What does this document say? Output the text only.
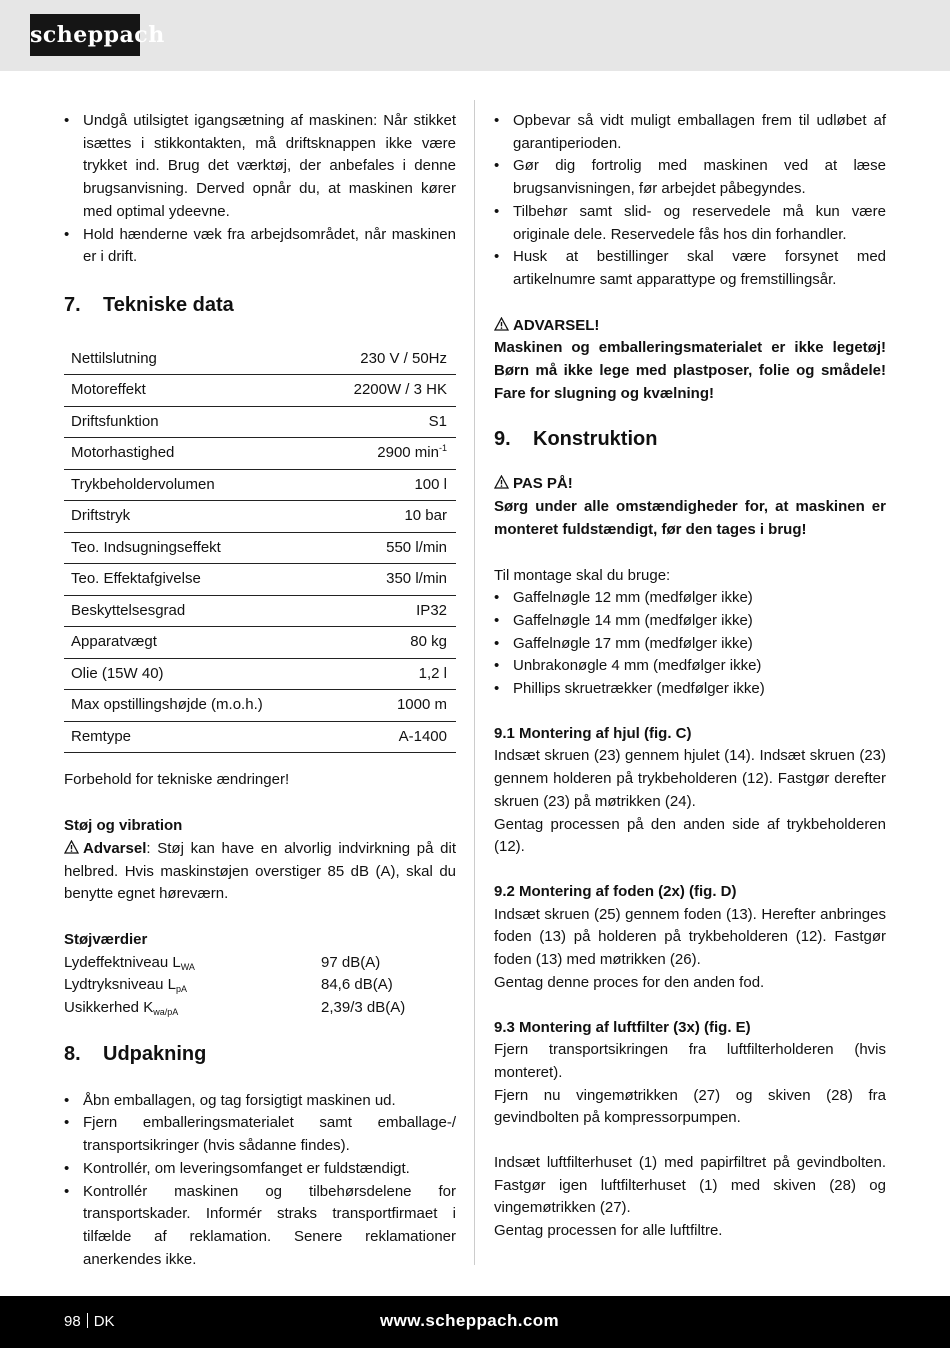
scheppach
• Undgå utilsigtet igangsætning af maskinen: Når stikket isættes i stikkontakten, må driftsknappen ikke være trykket ind. Brug det værktøj, der anbefales i denne brugsanvisning. Derved opnår du, at maskinen kører med optimal ydeevne.
• Hold hænderne væk fra arbejdsområdet, når maskinen er i drift.
7. Tekniske data
Nettilslutning	230 V / 50Hz
Motoreffekt	2200W / 3 HK
Driftsfunktion	S1
Motorhastighed	2900 $\min^{-1}$
Trykbeholdervolumen	100 l
Driftstryk	10 bar
Teo. Indsugningseffekt	550 l/min
Teo. Effektafgivelse	350 l/min
Beskyttelsesgrad	IP32
Apparatvægt	80 kg
Olie (15W 40)	1,2 l
Max opstillingshøjde (m.o.h.)	1000 m
Remtype	A-1400

Forbehold for tekniske ændringer!

Støj og vibration

Advarsel: Støj kan have en alvorlig indvirkning på dit helbred. Hvis maskinstøjen overstiger 85 dB (A), skal du benytte egnet høreværn.

Støjværdier

Lydeffektniveau $L_{WA}$	97 dB(A)
Lydtryksniveau $L_{pA}$	84,6 dB(A)
Usikkerhed $K_{wa/pA}$	2,39/3 dB(A)
8. Udpakning
• Åbn emballagen, og tag forsigtigt maskinen ud.
• Fjern emballeringsmaterialet samt emballage-/ transportsikringer (hvis sådanne findes).
• Kontrollér, om leveringsomfanget er fuldstændigt.
• Kontrollér maskinen og tilbehørsdelene for transportskader. Informér straks transportfirmaet i tilfælde af reklamation. Senere reklamationer anerkendes ikke.
• Opbevar så vidt muligt emballagen frem til udløbet af garantiperioden.
• Gør dig fortrolig med maskinen ved at læse brugsanvisningen, før arbejdet påbegyndes.
• Tilbehør samt slid- og reservedele må kun være originale dele. Reservedele fås hos din forhandler.
• Husk at bestillinger skal være forsynet med artikelnumre samt apparattype og fremstillingsår.

ADVARSEL!

Maskinen og emballeringsmaterialet er ikke legetøj! Børn må ikke lege med plastposer, folie og smådele! Fare for slugning og kvælning!

9. Konstruktion

PAS PÅ!

Sørg under alle omstændigheder for, at maskinen er monteret fuldstændigt, før den tages i brug!

Til montage skal du bruge:

• Gaffelnøgle 12 mm (medfølger ikke)
• Gaffelnøgle 14 mm (medfølger ikke)
• Gaffelnøgle 17 mm (medfølger ikke)
• Unbrakonøgle 4 mm (medfølger ikke)
• Phillips skruetrækker (medfølger ikke)

9.1 Montering af hjul (fig. C)

Indsæt skruen (23) gennem hjulet (14). Indsæt skruen (23) gennem holderen på trykbeholderen (12). Fastgør derefter skruen (23) på møtrikken (24).

Gentag processen på den anden side af trykbeholderen (12).

9.2 Montering af foden (2x) (fig. D)

Indsæt skruen (25) gennem foden (13). Herefter anbringes foden (13) på holderen på trykbeholderen (12). Fastgør foden (13) med møtrikken (26).

Gentag denne proces for den anden fod.

9.3 Montering af luftfilter (3x) (fig. E)

Fjern transportsikringen fra luftfilterholderen (hvis monteret).

Fjern nu vingemøtrikken (27) og skiven (28) fra gevindbolten på kompressorpumpen.

Indsæt luftfilterhuset (1) med papirfiltret på gevindbolten. Fastgør igen luftfilterhuset (1) med skiven (28) og vingemøtrikken (27).

Gentag processen for alle luftfiltre.

98 DK	www.scheppach.com
